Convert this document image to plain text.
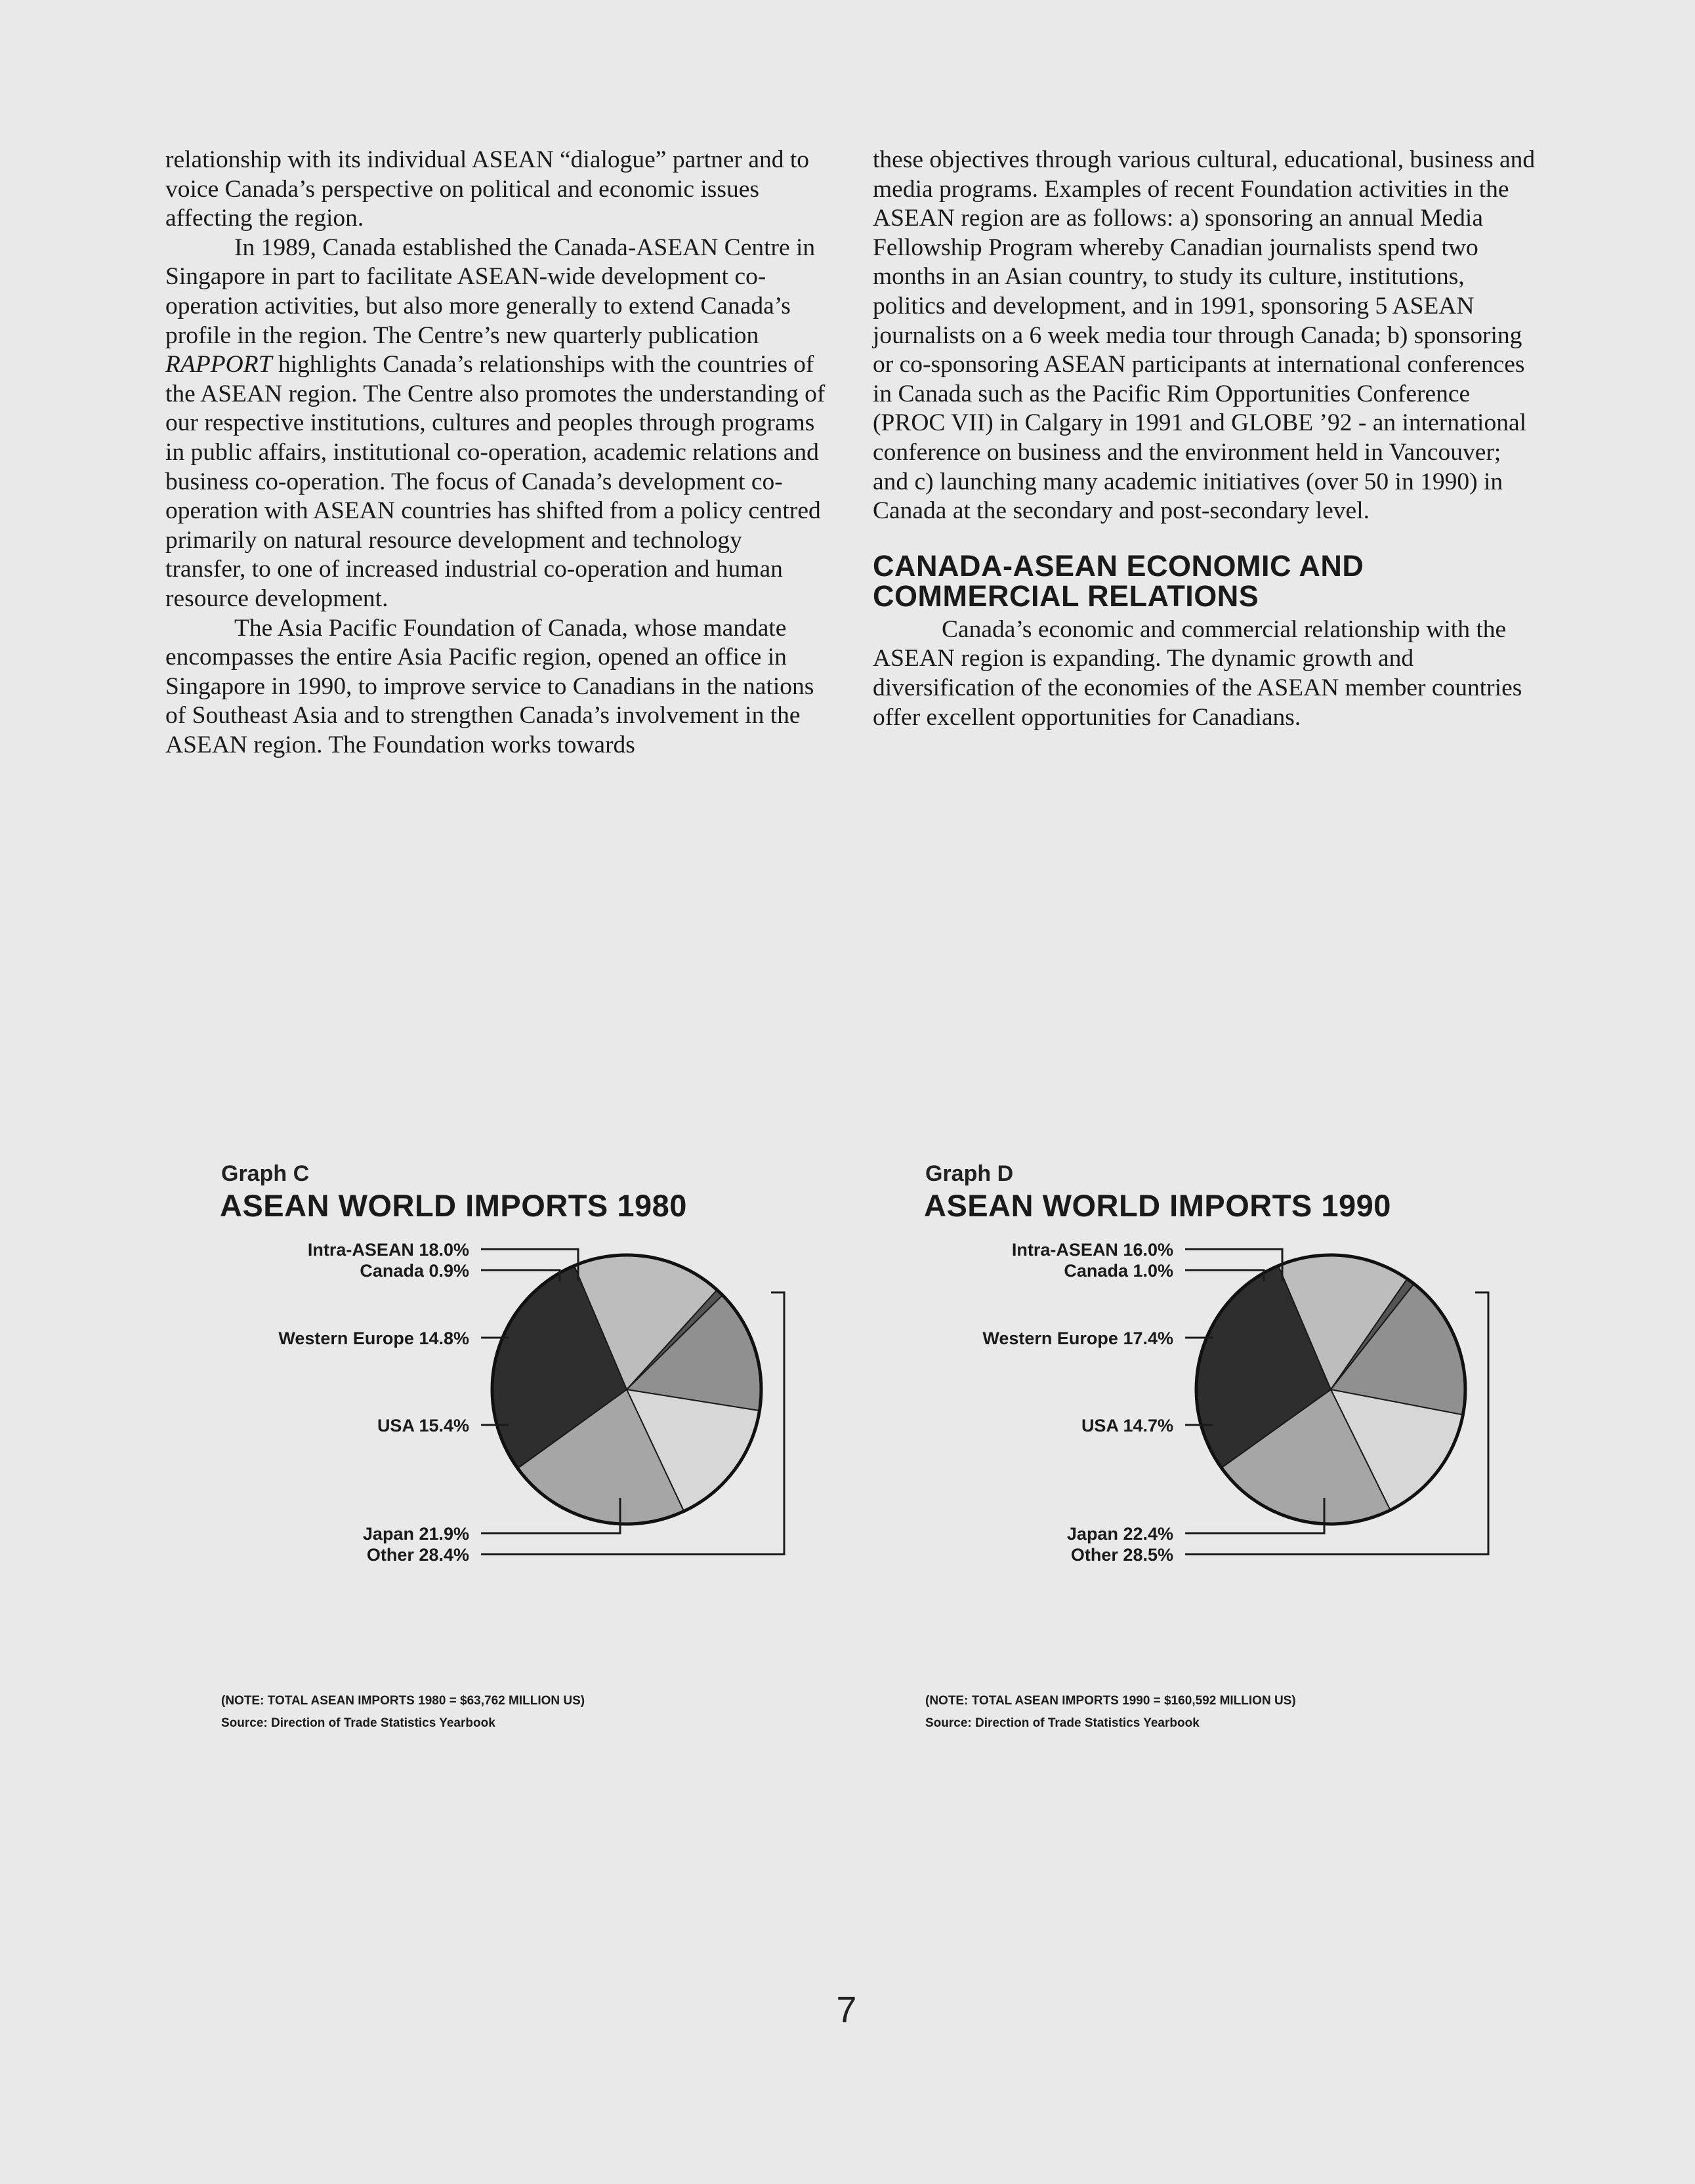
relationship with its individual ASEAN “dialogue” partner and to voice Canada’s perspective on political and economic issues affecting the region.

In 1989, Canada established the Canada-ASEAN Centre in Singapore in part to facilitate ASEAN-wide development co-operation activities, but also more generally to extend Canada’s profile in the region. The Centre’s new quarterly publication RAPPORT highlights Canada’s relationships with the countries of the ASEAN region. The Centre also promotes the understanding of our respective institutions, cultures and peoples through programs in public affairs, institutional co-operation, academic relations and business co-operation. The focus of Canada’s development co-operation with ASEAN countries has shifted from a policy centred primarily on natural resource development and technology transfer, to one of increased industrial co-operation and human resource development.

The Asia Pacific Foundation of Canada, whose mandate encompasses the entire Asia Pacific region, opened an office in Singapore in 1990, to improve service to Canadians in the nations of Southeast Asia and to strengthen Canada’s involvement in the ASEAN region. The Foundation works towards

these objectives through various cultural, educational, business and media programs. Examples of recent Foundation activities in the ASEAN region are as follows: a) sponsoring an annual Media Fellowship Program whereby Canadian journalists spend two months in an Asian country, to study its culture, institutions, politics and development, and in 1991, sponsoring 5 ASEAN journalists on a 6 week media tour through Canada; b) sponsoring or co-sponsoring ASEAN participants at international conferences in Canada such as the Pacific Rim Opportunities Conference (PROC VII) in Calgary in 1991 and GLOBE ’92 - an international conference on business and the environment held in Vancouver; and c) launching many academic initiatives (over 50 in 1990) in Canada at the secondary and post-secondary level.

CANADA-ASEAN ECONOMIC AND COMMERCIAL RELATIONS

Canada’s economic and commercial relationship with the ASEAN region is expanding. The dynamic growth and diversification of the economies of the ASEAN member countries offer excellent opportunities for Canadians.

Graph C
ASEAN WORLD IMPORTS 1980
(NOTE: TOTAL ASEAN IMPORTS 1980 = $63,762 MILLION US)
Source: Direction of Trade Statistics Yearbook
Intra-ASEAN 18.0%
Canada 0.9%
Western Europe 14.8%
USA 15.4%
Japan 21.9%
Other 28.4%
Graph D
ASEAN WORLD IMPORTS 1990
(NOTE: TOTAL ASEAN IMPORTS 1990 = $160,592 MILLION US)
Source: Direction of Trade Statistics Yearbook
Intra-ASEAN 16.0%
Canada 1.0%
Western Europe 17.4%
USA 14.7%
Japan 22.4%
Other 28.5%
7
